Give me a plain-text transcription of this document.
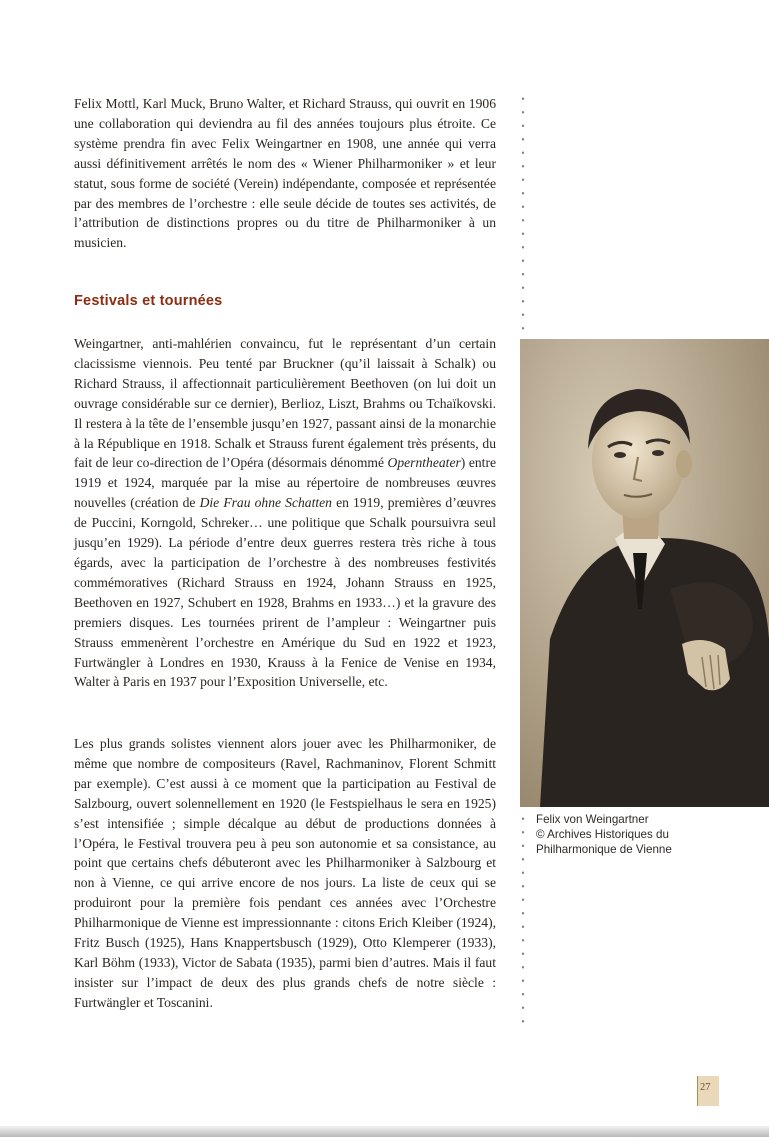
Felix Mottl, Karl Muck, Bruno Walter, et Richard Strauss, qui ouvrit en 1906 une collaboration qui deviendra au fil des années toujours plus étroite. Ce système prendra fin avec Felix Weingartner en 1908, une année qui verra aussi définitivement arrêtés le nom des « Wiener Philharmoniker » et leur statut, sous forme de société (Verein) indépendante, composée et représentée par des membres de l’orchestre : elle seule décide de toutes ses activités, de l’attribution de distinctions propres ou du titre de Philharmoniker à un musicien.

Festivals et tournées

Weingartner, anti-mahlérien convaincu, fut le représentant d’un certain clacissisme viennois. Peu tenté par Bruckner (qu’il laissait à Schalk) ou Richard Strauss, il affectionnait particulièrement Beethoven (on lui doit un ouvrage considérable sur ce dernier), Berlioz, Liszt, Brahms ou Tchaïkovski. Il restera à la tête de l’ensemble jusqu’en 1927, passant ainsi de la monarchie à la République en 1918. Schalk et Strauss furent également très présents, du fait de leur co-direction de l’Opéra (désormais dénommé Operntheater) entre 1919 et 1924, marquée par la mise au répertoire de nombreuses œuvres nouvelles (création de Die Frau ohne Schatten en 1919, premières d’œuvres de Puccini, Korngold, Schreker… une politique que Schalk poursuivra seul jusqu’en 1929). La période d’entre deux guerres restera très riche à tous égards, avec la participation de l’orchestre à des nombreuses festivités commémoratives (Richard Strauss en 1924, Johann Strauss en 1925, Beethoven en 1927, Schubert en 1928, Brahms en 1933…) et la gravure des premiers disques. Les tournées prirent de l’ampleur : Weingartner puis Strauss emmenèrent l’orchestre en Amérique du Sud en 1922 et 1923, Furtwängler à Londres en 1930, Krauss à la Fenice de Venise en 1934, Walter à Paris en 1937 pour l’Exposition Universelle, etc.

Les plus grands solistes viennent alors jouer avec les Philharmoniker, de même que nombre de compositeurs (Ravel, Rachmaninov, Florent Schmitt par exemple). C’est aussi à ce moment que la participation au Festival de Salzbourg, ouvert solennellement en 1920 (le Festspielhaus le sera en 1925) s’est intensifiée ; simple décalque au début de productions données à l’Opéra, le Festival trouvera peu à peu son autonomie et sa consistance, au point que certains chefs débuteront avec les Philharmoniker à Salzbourg et non à Vienne, ce qui arrive encore de nos jours. La liste de ceux qui se produiront pour la première fois pendant ces années avec l’Orchestre Philharmonique de Vienne est impressionnante : citons Erich Kleiber (1924), Fritz Busch (1925), Hans Knappertsbusch (1929), Otto Klemperer (1933), Karl Böhm (1933), Victor de Sabata (1935), parmi bien d’autres. Mais il faut insister sur l’impact de deux des plus grands chefs de notre siècle : Furtwängler et Toscanini.

Felix von Weingartner
© Archives Historiques du
Philharmonique de Vienne
27
